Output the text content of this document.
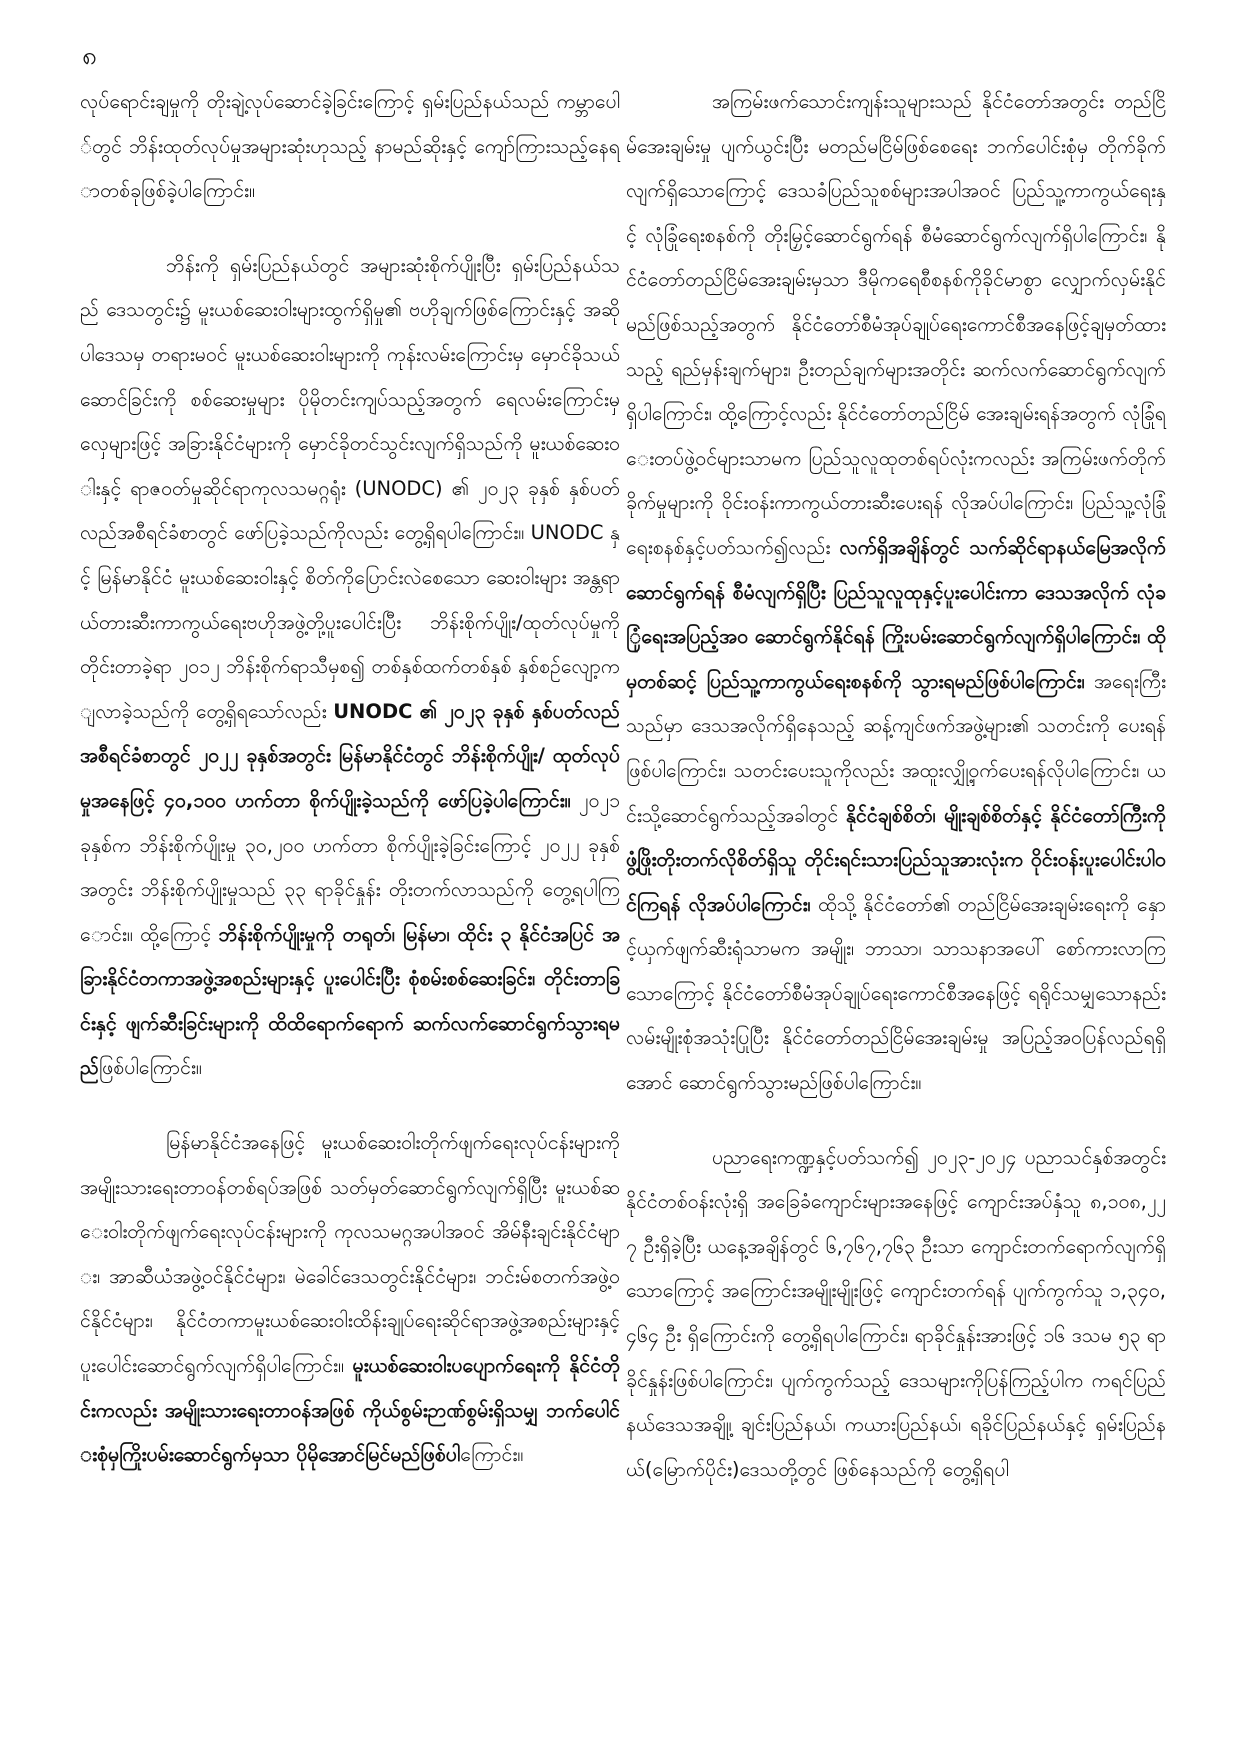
၈

လုပ်ရောင်းချမှုကို တိုးချဲ့လုပ်ဆောင်ခဲ့ခြင်းကြောင့် ရှမ်းပြည်နယ်သည် ကမ္ဘာပေါ်တွင် ဘိန်းထုတ်လုပ်မှုအများဆုံးဟုသည့် နာမည်ဆိုးနှင့် ကျော်ကြားသည့်နေရာတစ်ခုဖြစ်ခဲ့ပါကြောင်း။

ဘိန်းကို ရှမ်းပြည်နယ်တွင် အများဆုံးစိုက်ပျိုးပြီး ရှမ်းပြည်နယ်သည် ဒေသတွင်း၌ မူးယစ်ဆေးဝါးများထွက်ရှိမှု၏ ဗဟိုချက်ဖြစ်ကြောင်းနှင့် အဆိုပါဒေသမှ တရားမဝင် မူးယစ်ဆေးဝါးများကို ကုန်းလမ်းကြောင်းမှ မှောင်ခိုသယ်ဆောင်ခြင်းကို စစ်ဆေးမှုများ ပိုမိုတင်းကျပ်သည့်အတွက် ရေလမ်းကြောင်းမှ လှေများဖြင့် အခြားနိုင်ငံများကို မှောင်ခိုတင်သွင်းလျက်ရှိသည်ကို မူးယစ်ဆေးဝါးနှင့် ရာဇဝတ်မှုဆိုင်ရာကုလသမဂ္ဂရုံး (UNODC) ၏ ၂၀၂၃ ခုနှစ် နှစ်ပတ်လည်အစီရင်ခံစာတွင် ဖော်ပြခဲ့သည်ကိုလည်း တွေ့ရှိရပါကြောင်း။ UNODC နှင့် မြန်မာနိုင်ငံ မူးယစ်ဆေးဝါးနှင့် စိတ်ကိုပြောင်းလဲစေသော ဆေးဝါးများ အန္တရာယ်တားဆီးကာကွယ်ရေးဗဟိုအဖွဲ့တို့ပူးပေါင်းပြီး ဘိန်းစိုက်ပျိုး/ထုတ်လုပ်မှုကို တိုင်းတာခဲ့ရာ ၂၀၁၂ ဘိန်းစိုက်ရာသီမှစ၍ တစ်နှစ်ထက်တစ်နှစ် နှစ်စဉ်လျော့ကျလာခဲ့သည်ကို တွေ့ရှိရသော်လည်း UNODC ၏ ၂၀၂၃ ခုနှစ် နှစ်ပတ်လည်အစီရင်ခံစာတွင် ၂၀၂၂ ခုနှစ်အတွင်း မြန်မာနိုင်ငံတွင် ဘိန်းစိုက်ပျိုး/ ထုတ်လုပ်မှုအနေဖြင့် ၄၀,၁၀၀ ဟက်တာ စိုက်ပျိုးခဲ့သည်ကို ဖော်ပြခဲ့ပါကြောင်း။ ၂၀၂၁ ခုနှစ်က ဘိန်းစိုက်ပျိုးမှု ၃၀,၂၀၀ ဟက်တာ စိုက်ပျိုးခဲ့ခြင်းကြောင့် ၂၀၂၂ ခုနှစ်အတွင်း ဘိန်းစိုက်ပျိုးမှုသည် ၃၃ ရာခိုင်နှုန်း တိုးတက်လာသည်ကို တွေ့ရပါကြောင်း။ ထို့ကြောင့် ဘိန်းစိုက်ပျိုးမှုကို တရုတ်၊ မြန်မာ၊ ထိုင်း ၃ နိုင်ငံအပြင် အခြားနိုင်ငံတကာအဖွဲ့အစည်းများနှင့် ပူးပေါင်းပြီး စုံစမ်းစစ်ဆေးခြင်း၊ တိုင်းတာခြင်းနှင့် ဖျက်ဆီးခြင်းများကို ထိထိရောက်ရောက် ဆက်လက်ဆောင်ရွက်သွားရမည်ဖြစ်ပါကြောင်း။

မြန်မာနိုင်ငံအနေဖြင့် မူးယစ်ဆေးဝါးတိုက်ဖျက်ရေးလုပ်ငန်းများကို အမျိုးသားရေးတာဝန်တစ်ရပ်အဖြစ် သတ်မှတ်ဆောင်ရွက်လျက်ရှိပြီး မူးယစ်ဆေးဝါးတိုက်ဖျက်ရေးလုပ်ငန်းများကို ကုလသမဂ္ဂအပါအဝင် အိမ်နီးချင်းနိုင်ငံများ၊ အာဆီယံအဖွဲ့ဝင်နိုင်ငံများ၊ မဲခေါင်ဒေသတွင်းနိုင်ငံများ၊ ဘင်းမ်စတက်အဖွဲ့ဝင်နိုင်ငံများ၊ နိုင်ငံတကာမူးယစ်ဆေးဝါးထိန်းချုပ်ရေးဆိုင်ရာအဖွဲ့အစည်းများနှင့် ပူးပေါင်းဆောင်ရွက်လျက်ရှိပါကြောင်း။ မူးယစ်ဆေးဝါးပပျောက်ရေးကို နိုင်ငံတိုင်းကလည်း အမျိုးသားရေးတာဝန်အဖြစ် ကိုယ်စွမ်းဉာဏ်စွမ်းရှိသမျှ ဘက်ပေါင်းစုံမှကြိုးပမ်းဆောင်ရွက်မှသာ ပိုမိုအောင်မြင်မည်ဖြစ်ပါကြောင်း။

အကြမ်းဖက်သောင်းကျန်းသူများသည် နိုင်ငံတော်အတွင်း တည်ငြိမ်အေးချမ်းမှု ပျက်ယွင်းပြီး မတည်မငြိမ်ဖြစ်စေရေး ဘက်ပေါင်းစုံမှ တိုက်ခိုက်လျက်ရှိသောကြောင့် ဒေသခံပြည်သူစစ်များအပါအဝင် ပြည်သူ့ကာကွယ်ရေးနှင့် လုံခြုံရေးစနစ်ကို တိုးမြှင့်ဆောင်ရွက်ရန် စီမံဆောင်ရွက်လျက်ရှိပါကြောင်း၊ နိုင်ငံတော်တည်ငြိမ်အေးချမ်းမှသာ ဒီမိုကရေစီစနစ်ကိုခိုင်မာစွာ လျှောက်လှမ်းနိုင်မည်ဖြစ်သည့်အတွက် နိုင်ငံတော်စီမံအုပ်ချုပ်ရေးကောင်စီအနေဖြင့်ချမှတ်ထားသည့် ရည်မှန်းချက်များ၊ ဦးတည်ချက်များအတိုင်း ဆက်လက်ဆောင်ရွက်လျက်ရှိပါကြောင်း၊ ထို့ကြောင့်လည်း နိုင်ငံတော်တည်ငြိမ် အေးချမ်းရန်အတွက် လုံခြုံရေးတပ်ဖွဲ့ဝင်များသာမက ပြည်သူလူထုတစ်ရပ်လုံးကလည်း အကြမ်းဖက်တိုက်ခိုက်မှုများကို ဝိုင်းဝန်းကာကွယ်တားဆီးပေးရန် လိုအပ်ပါကြောင်း၊ ပြည်သူ့လုံခြုံရေးစနစ်နှင့်ပတ်သက်၍လည်း လက်ရှိအချိန်တွင် သက်ဆိုင်ရာနယ်မြေအလိုက်ဆောင်ရွက်ရန် စီမံလျက်ရှိပြီး ပြည်သူလူထုနှင့်ပူးပေါင်းကာ ဒေသအလိုက် လုံခြုံရေးအပြည့်အဝ ဆောင်ရွက်နိုင်ရန် ကြိုးပမ်းဆောင်ရွက်လျက်ရှိပါကြောင်း၊ ထိုမှတစ်ဆင့် ပြည်သူ့ကာကွယ်ရေးစနစ်ကို သွားရမည်ဖြစ်ပါကြောင်း၊ အရေးကြီးသည်မှာ ဒေသအလိုက်ရှိနေသည့် ဆန့်ကျင်ဖက်အဖွဲ့များ၏ သတင်းကို ပေးရန်ဖြစ်ပါကြောင်း၊ သတင်းပေးသူကိုလည်း အထူးလျှို့ဝှက်ပေးရန်လိုပါကြောင်း၊ ယင်းသို့ဆောင်ရွက်သည့်အခါတွင် နိုင်ငံချစ်စိတ်၊ မျိုးချစ်စိတ်နှင့် နိုင်ငံတော်ကြီးကို ဖွံ့ဖြိုးတိုးတက်လိုစိတ်ရှိသူ တိုင်းရင်းသားပြည်သူအားလုံးက ဝိုင်းဝန်းပူးပေါင်းပါဝင်ကြရန် လိုအပ်ပါကြောင်း၊ ထိုသို့ နိုင်ငံတော်၏ တည်ငြိမ်အေးချမ်းရေးကို နှောင့်ယှက်ဖျက်ဆီးရုံသာမက အမျိုး၊ ဘာသာ၊ သာသနာအပေါ် စော်ကားလာကြသောကြောင့် နိုင်ငံတော်စီမံအုပ်ချုပ်ရေးကောင်စီအနေဖြင့် ရရိုင်သမျှသောနည်းလမ်းမျိုးစုံအသုံးပြုပြီး နိုင်ငံတော်တည်ငြိမ်အေးချမ်းမှု အပြည့်အဝပြန်လည်ရရှိအောင် ဆောင်ရွက်သွားမည်ဖြစ်ပါကြောင်း။

ပညာရေးကဏ္ဍနှင့်ပတ်သက်၍ ၂၀၂၃-၂၀၂၄ ပညာသင်နှစ်အတွင်း နိုင်ငံတစ်ဝန်းလုံးရှိ အခြေခံကျောင်းများအနေဖြင့် ကျောင်းအပ်နှံသူ ၈,၁၀၈,၂၂၇ ဦးရှိခဲ့ပြီး ယနေ့အချိန်တွင် ၆,၇၆၇,၇၆၃ ဦးသာ ကျောင်းတက်ရောက်လျက်ရှိသောကြောင့် အကြောင်းအမျိုးမျိုးဖြင့် ကျောင်းတက်ရန် ပျက်ကွက်သူ ၁,၃၄၀,၄၆၄ ဦး ရှိကြောင်းကို တွေ့ရှိရပါကြောင်း၊ ရာခိုင်နှုန်းအားဖြင့် ၁၆ ဒသမ ၅၃ ရာခိုင်နှုန်းဖြစ်ပါကြောင်း၊ ပျက်ကွက်သည့် ဒေသများကိုပြန်ကြည့်ပါက ကရင်ပြည်နယ်ဒေသအချို့၊ ချင်းပြည်နယ်၊ ကယားပြည်နယ်၊ ရခိုင်ပြည်နယ်နှင့် ရှမ်းပြည်နယ်(မြောက်ပိုင်း)ဒေသတို့တွင် ဖြစ်နေသည်ကို တွေ့ရှိရပါ
